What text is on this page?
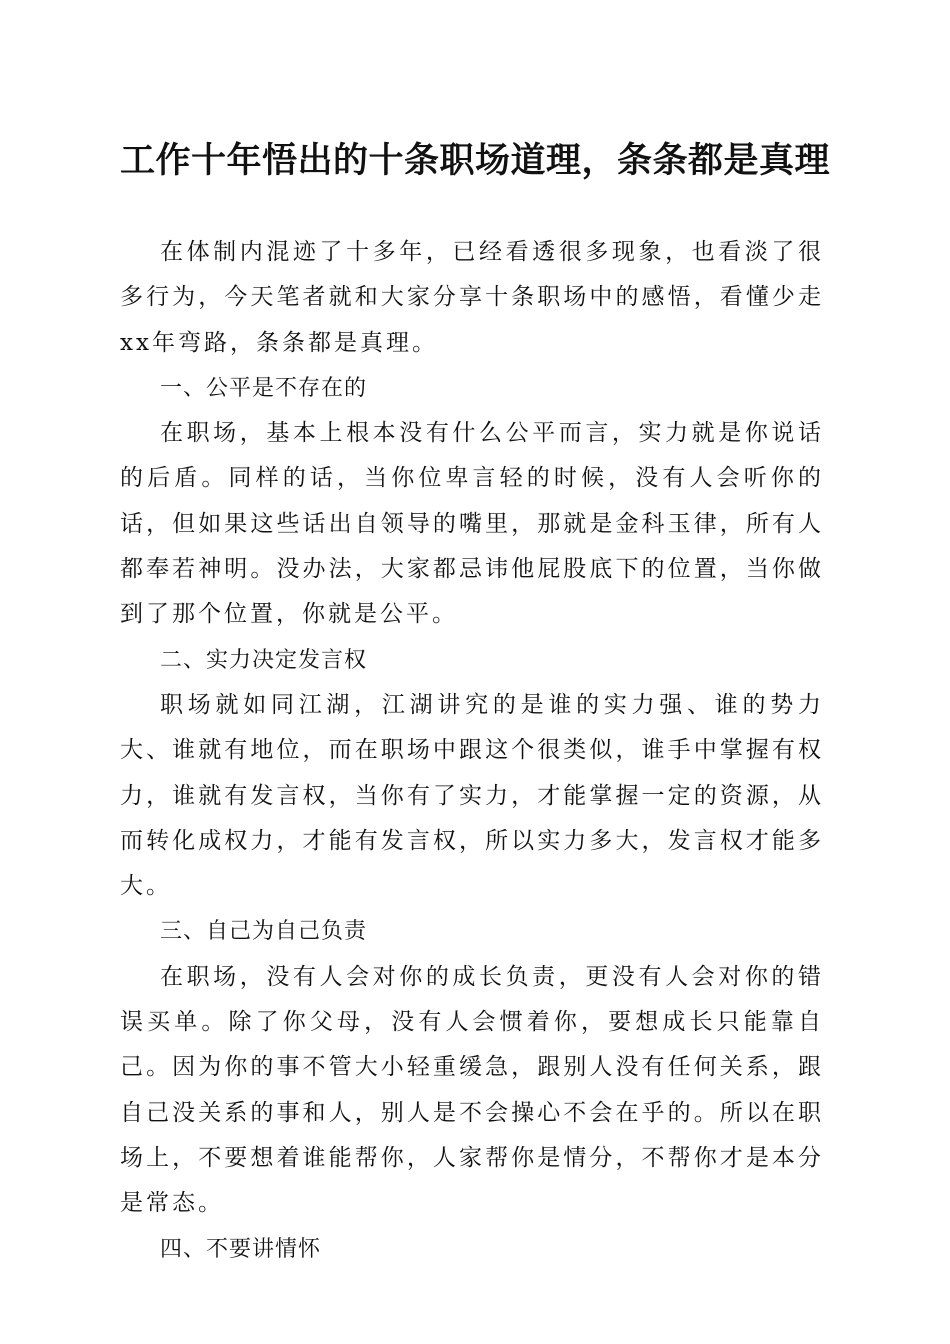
工作十年悟出的十条职场道理，条条都是真理

在体制内混迹了十多年，已经看透很多现象，也看淡了很多行为，今天笔者就和大家分享十条职场中的感悟，看懂少走xx年弯路，条条都是真理。

一、公平是不存在的

在职场，基本上根本没有什么公平而言，实力就是你说话的后盾。同样的话，当你位卑言轻的时候，没有人会听你的话，但如果这些话出自领导的嘴里，那就是金科玉律，所有人都奉若神明。没办法，大家都忌讳他屁股底下的位置，当你做到了那个位置，你就是公平。

二、实力决定发言权

职场就如同江湖，江湖讲究的是谁的实力强、谁的势力大、谁就有地位，而在职场中跟这个很类似，谁手中掌握有权力，谁就有发言权，当你有了实力，才能掌握一定的资源，从而转化成权力，才能有发言权，所以实力多大，发言权才能多大。

三、自己为自己负责

在职场，没有人会对你的成长负责，更没有人会对你的错误买单。除了你父母，没有人会惯着你，要想成长只能靠自己。因为你的事不管大小轻重缓急，跟别人没有任何关系，跟自己没关系的事和人，别人是不会操心不会在乎的。所以在职场上，不要想着谁能帮你，人家帮你是情分，不帮你才是本分是常态。

四、不要讲情怀
